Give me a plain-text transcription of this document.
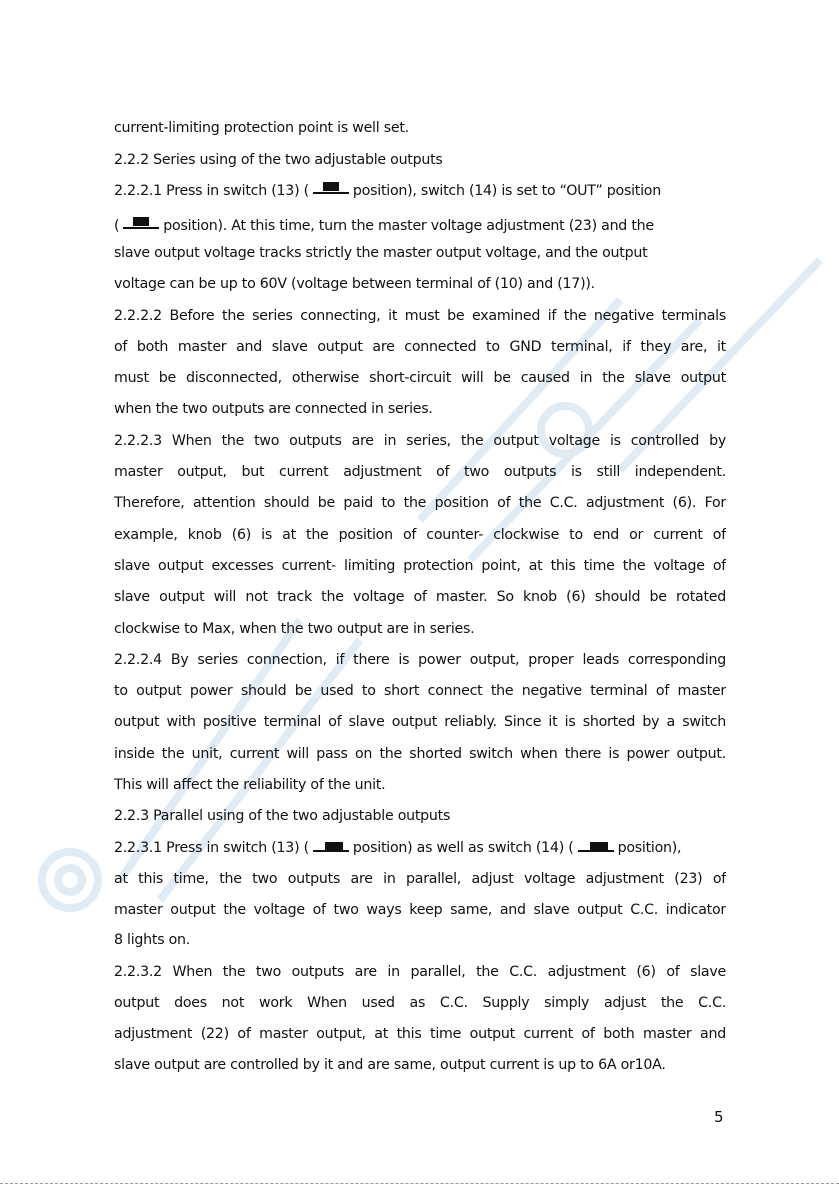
current-limiting protection point is well set.
2.2.2 Series using of the two adjustable outputs
2.2.2.1 Press in switch (13) (	position), switch (14) is set to “OUT” position
(	position). At this time, turn the master voltage adjustment (23) and the
slave output voltage tracks strictly the master output voltage, and the output
voltage can be up to 60V (voltage between terminal of (10) and (17)).
2.2.2.2 Before the series connecting, it must be examined if the negative terminals
of both master and slave output are connected to GND terminal, if they are, it
must be disconnected, otherwise short-circuit will be caused in the slave output
when the two outputs are connected in series.
2.2.2.3 When the two outputs are in series, the output voltage is controlled by
master output, but current adjustment of two outputs is still independent.
Therefore, attention should be paid to the position of the C.C. adjustment (6). For
example, knob (6) is at the position of counter- clockwise to end or current of
slave output excesses current- limiting protection point, at this time the voltage of
slave output will not track the voltage of master. So knob (6) should be rotated
clockwise to Max, when the two output are in series.
2.2.2.4 By series connection, if there is power output, proper leads corresponding
to output power should be used to short connect the negative terminal of master
output with positive terminal of slave output reliably. Since it is shorted by a switch
inside the unit, current will pass on the shorted switch when there is power output.
This will affect the reliability of the unit.
2.2.3 Parallel using of the two adjustable outputs
2.2.3.1 Press in switch (13) (	position) as well as switch (14) (	position),
at this time, the two outputs are in parallel, adjust voltage adjustment (23) of
master output the voltage of two ways keep same, and slave output C.C. indicator
8 lights on.
2.2.3.2 When the two outputs are in parallel, the C.C. adjustment (6) of slave
output does not work When used as C.C. Supply simply adjust the C.C.
adjustment (22) of master output, at this time output current of both master and
slave output are controlled by it and are same, output current is up to 6A or10A.
5
